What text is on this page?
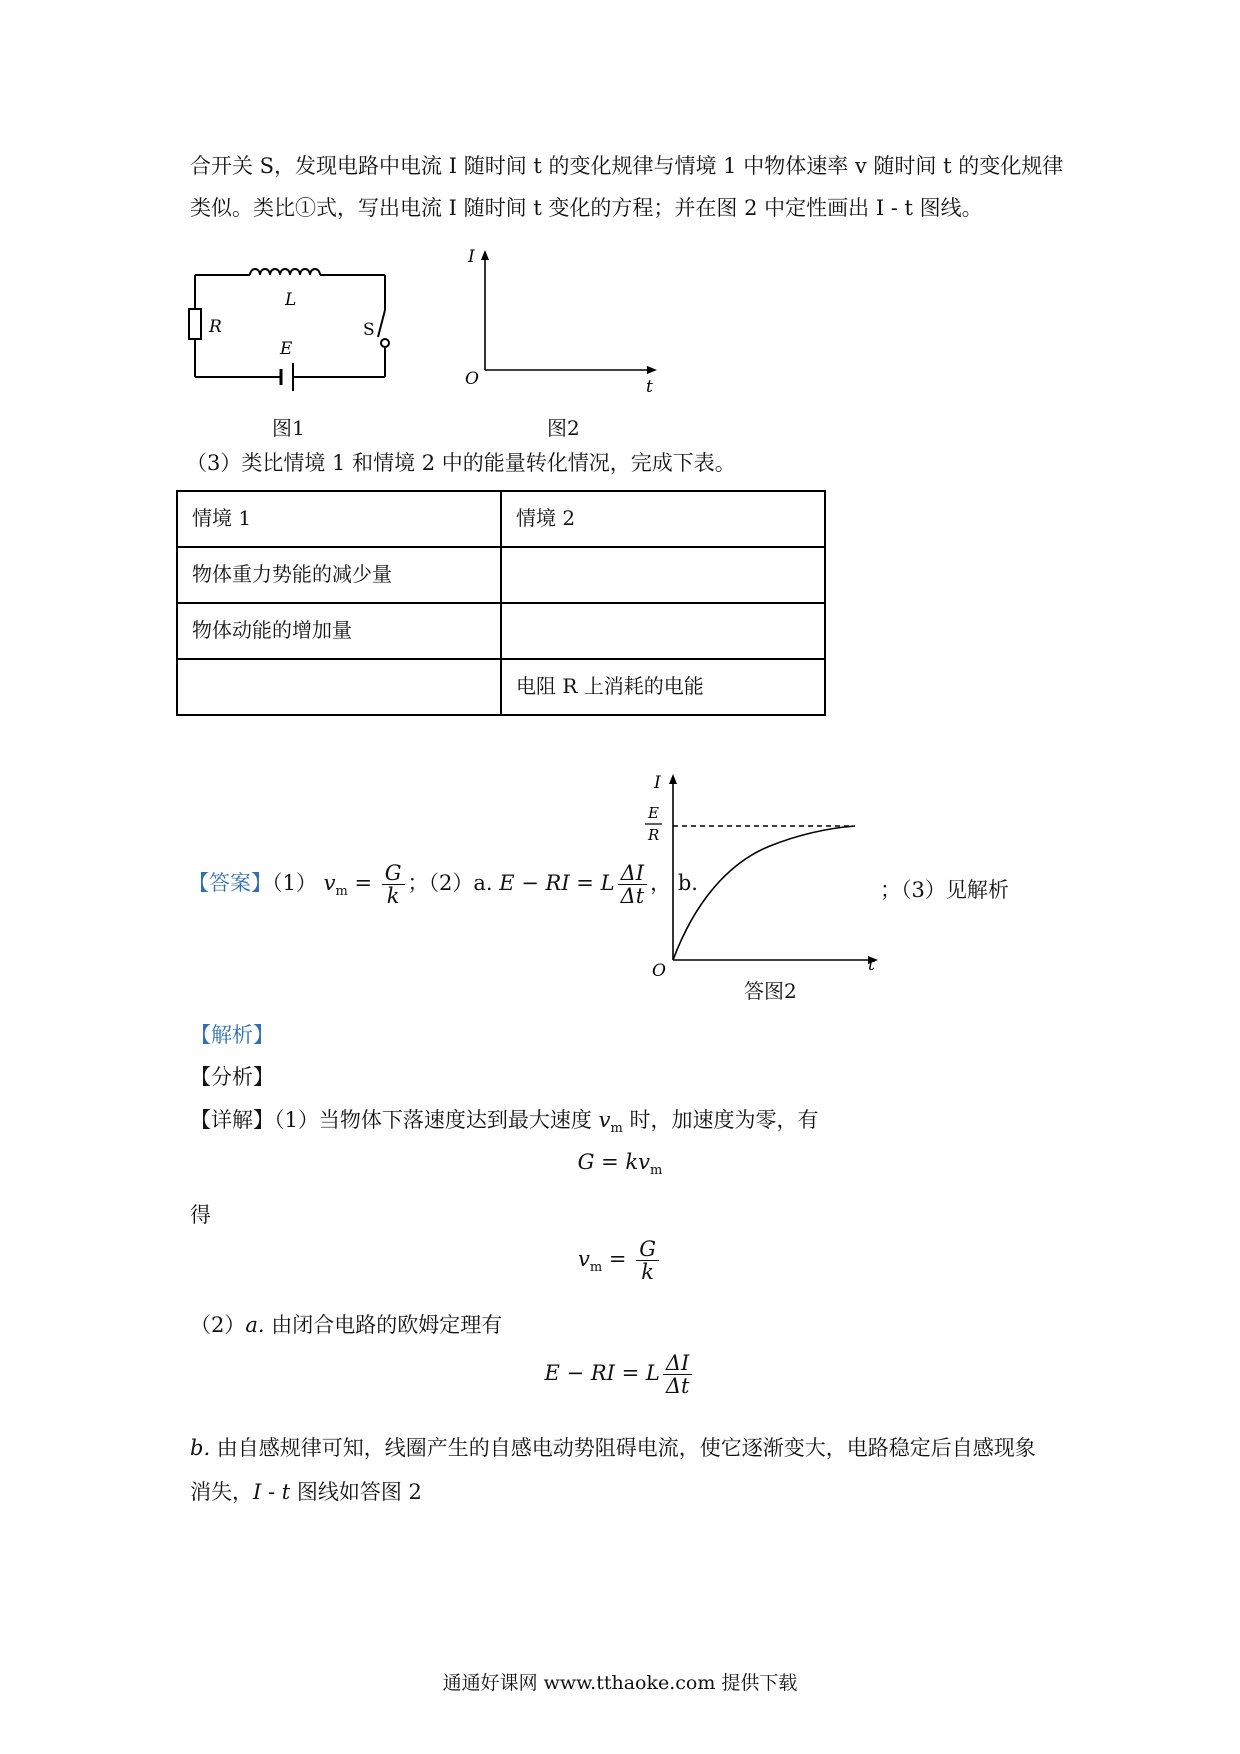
合开关 S，发现电路中电流 I 随时间 t 的变化规律与情境 1 中物体速率 v 随时间 t 的变化规律
类似。类比①式，写出电流 I 随时间 t 变化的方程；并在图 2 中定性画出 I - t 图线。
L
R	S
E
图1
I
O	t
图2
（3）类比情境 1 和情境 2 中的能量转化情况，完成下表。
情境 1	情境 2
物体重力势能的减少量	
物体动能的增加量	
	电阻 R 上消耗的电能
【答案】（1） $v_m = \frac{G}{k}$ ；（2）a. E − RI = L $\frac{\Delta I}{\Delta t}$ ， b.	；（3）见解析
I
E
R
O	t
答图2
【解析】
【分析】
【详解】（1）当物体下落速度达到最大速度 $v_m$ 时，加速度为零，有
$G = kv_m$
得
$v_m = \frac{G}{k}$
（2）a. 由闭合电路的欧姆定理有
E − RI = L $\frac{\Delta I}{\Delta t}$
b. 由自感规律可知，线圈产生的自感电动势阻碍电流，使它逐渐变大，电路稳定后自感现象
消失，I - t 图线如答图 2
通通好课网 www.tthaoke.com 提供下载
